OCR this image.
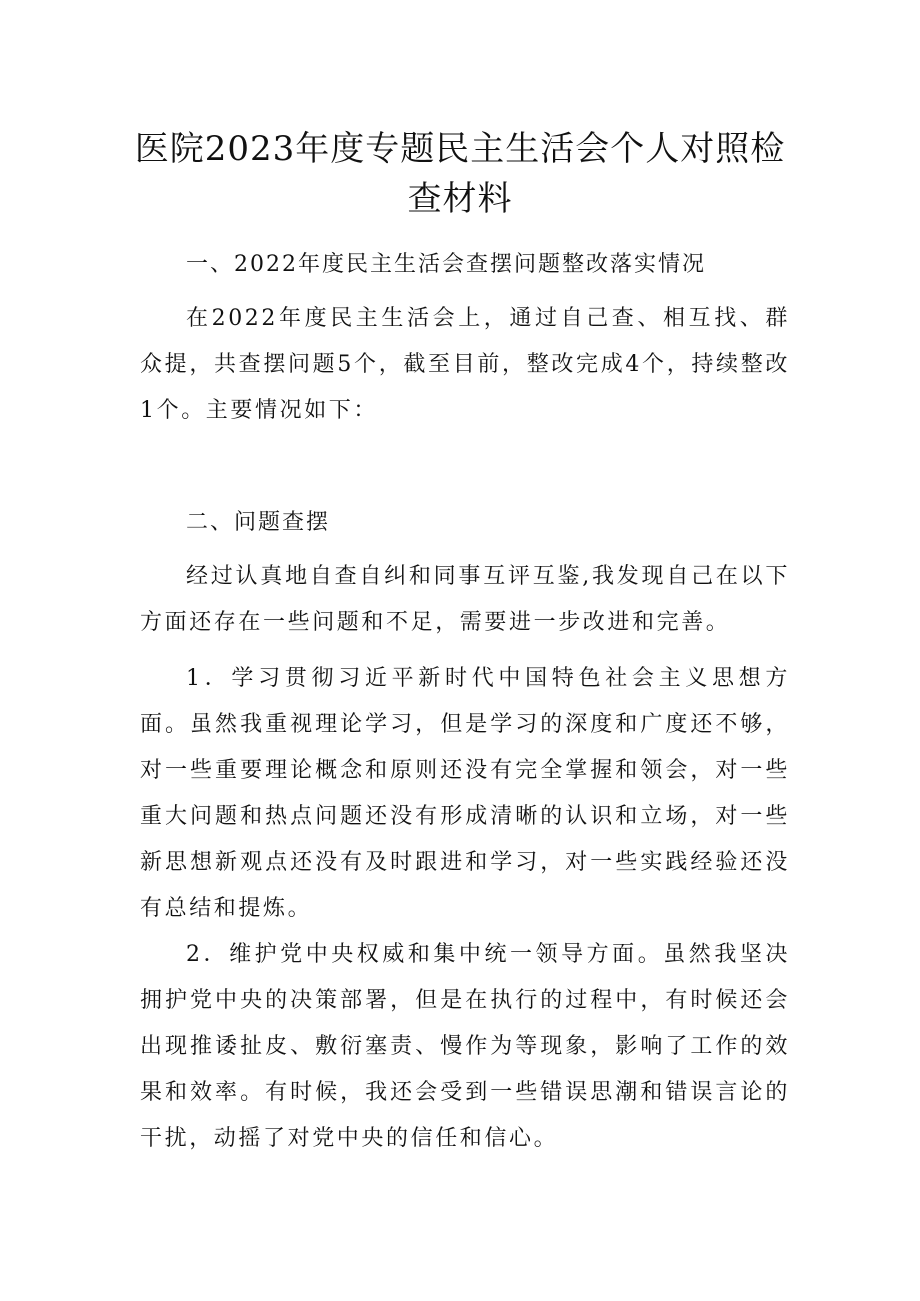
医院2023年度专题民主生活会个人对照检查材料
一、2022年度民主生活会查摆问题整改落实情况

在2022年度民主生活会上，通过自己查、相互找、群众提，共查摆问题5个，截至目前，整改完成4个，持续整改1个。主要情况如下：

二、问题查摆

经过认真地自查自纠和同事互评互鉴,我发现自己在以下方面还存在一些问题和不足，需要进一步改进和完善。

1．学习贯彻习近平新时代中国特色社会主义思想方面。虽然我重视理论学习，但是学习的深度和广度还不够，对一些重要理论概念和原则还没有完全掌握和领会，对一些重大问题和热点问题还没有形成清晰的认识和立场，对一些新思想新观点还没有及时跟进和学习，对一些实践经验还没有总结和提炼。

2．维护党中央权威和集中统一领导方面。虽然我坚决拥护党中央的决策部署，但是在执行的过程中，有时候还会出现推诿扯皮、敷衍塞责、慢作为等现象，影响了工作的效果和效率。有时候，我还会受到一些错误思潮和错误言论的干扰，动摇了对党中央的信任和信心。
